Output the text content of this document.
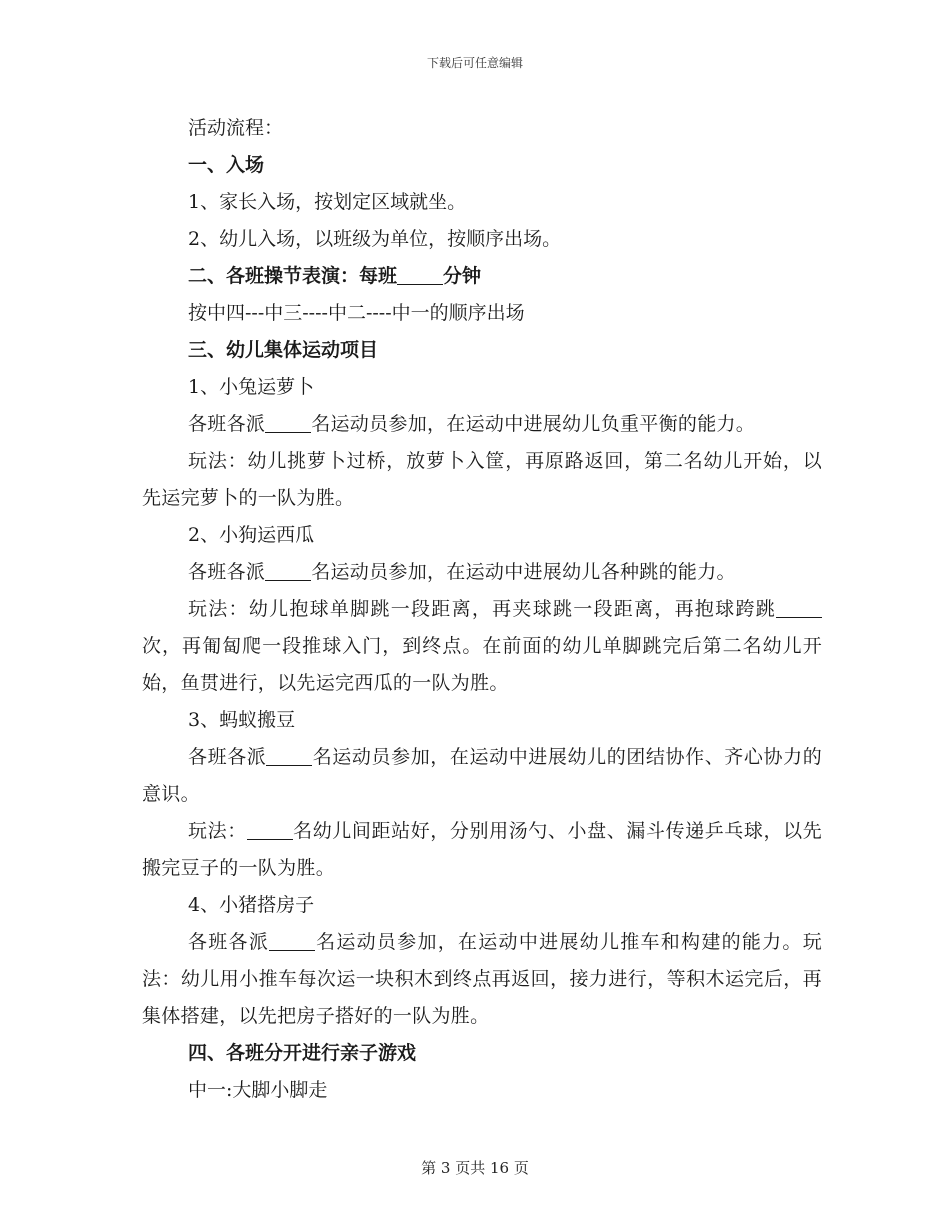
下载后可任意编辑
活动流程：
一、入场
1、家长入场，按划定区域就坐。
2、幼儿入场，以班级为单位，按顺序出场。
二、各班操节表演：每班 分钟
按中四---中三----中二----中一的顺序出场
三、幼儿集体运动项目
1、小兔运萝卜
各班各派 名运动员参加，在运动中进展幼儿负重平衡的能力。
玩法：幼儿挑萝卜过桥，放萝卜入筐，再原路返回，第二名幼儿开始，以先运完萝卜的一队为胜。
2、小狗运西瓜
各班各派 名运动员参加，在运动中进展幼儿各种跳的能力。
玩法：幼儿抱球单脚跳一段距离，再夹球跳一段距离，再抱球跨跳次，再匍匐爬一段推球入门，到终点。在前面的幼儿单脚跳完后第二名幼儿开始，鱼贯进行，以先运完西瓜的一队为胜。
3、蚂蚁搬豆
各班各派 名运动员参加，在运动中进展幼儿的团结协作、齐心协力的意识。
玩法： 名幼儿间距站好，分别用汤勺、小盘、漏斗传递乒乓球，以先搬完豆子的一队为胜。
4、小猪搭房子
各班各派 名运动员参加，在运动中进展幼儿推车和构建的能力。玩法：幼儿用小推车每次运一块积木到终点再返回，接力进行，等积木运完后，再集体搭建，以先把房子搭好的一队为胜。
四、各班分开进行亲子游戏
中一:大脚小脚走
第 3 页共 16 页
